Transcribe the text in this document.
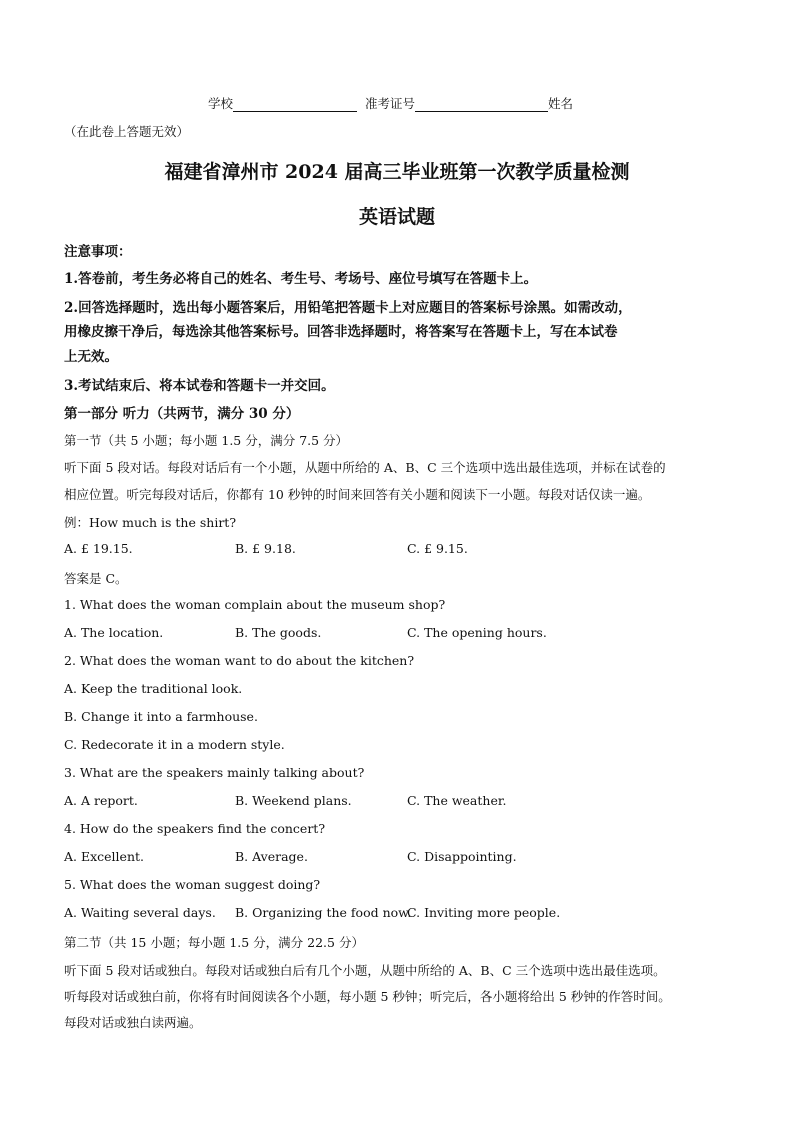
学校	准考证号	姓名
（在此卷上答题无效）
福建省漳州市 2024 届高三毕业班第一次教学质量检测
英语试题
注意事项：
1.答卷前，考生务必将自己的姓名、考生号、考场号、座位号填写在答题卡上。
2.回答选择题时，选出每小题答案后，用铅笔把答题卡上对应题目的答案标号涂黑。如需改动，
用橡皮擦干净后，每选涂其他答案标号。回答非选择题时，将答案写在答题卡上，写在本试卷
上无效。
3.考试结束后、将本试卷和答题卡一并交回。
第一部分 听力（共两节，满分 30 分）
第一节（共 5 小题；每小题 1.5 分，满分 7.5 分）
听下面 5 段对话。每段对话后有一个小题，从题中所给的 A、B、C 三个选项中选出最佳选项，并标在试卷的
相应位置。听完每段对话后，你都有 10 秒钟的时间来回答有关小题和阅读下一小题。每段对话仅读一遍。
例：How much is the shirt?
A. £ 19.15.	B. £ 9.18.	C. £ 9.15.
答案是 C。
1. What does the woman complain about the museum shop?
A. The location.	B. The goods.	C. The opening hours.
2. What does the woman want to do about the kitchen?
A. Keep the traditional look.
B. Change it into a farmhouse.
C. Redecorate it in a modern style.
3. What are the speakers mainly talking about?
A. A report.	B. Weekend plans.	C. The weather.
4. How do the speakers find the concert?
A. Excellent.	B. Average.	C. Disappointing.
5. What does the woman suggest doing?
A. Waiting several days. B. Organizing the food now.
C. Inviting more people.
第二节（共 15 小题；每小题 1.5 分，满分 22.5 分）
听下面 5 段对话或独白。每段对话或独白后有几个小题，从题中所给的 A、B、C 三个选项中选出最佳选项。
听每段对话或独白前，你将有时间阅读各个小题，每小题 5 秒钟；听完后，各小题将给出 5 秒钟的作答时间。
每段对话或独白读两遍。
